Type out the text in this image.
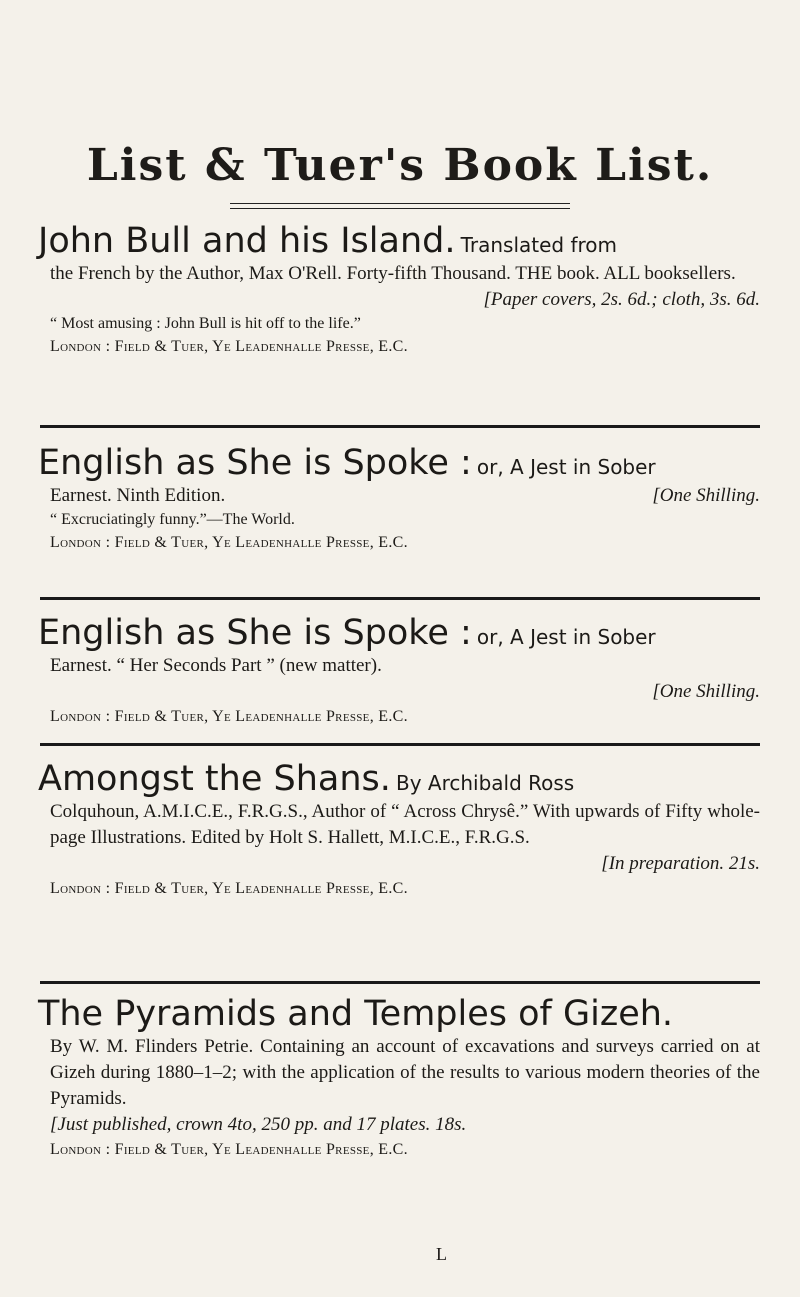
List & Tuer's Book List.
John Bull and his Island. Translated from
the French by the Author, Max O'Rell. Forty-fifth Thousand. THE book. ALL booksellers.
[Paper covers, 2s. 6d.; cloth, 3s. 6d.
“ Most amusing : John Bull is hit off to the life.”
London : Field & Tuer, Ye Leadenhalle Presse, E.C.
English as She is Spoke : or, A Jest in Sober
Earnest. Ninth Edition.	[One Shilling.
“ Excruciatingly funny.”—The World.
London : Field & Tuer, Ye Leadenhalle Presse, E.C.
English as She is Spoke : or, A Jest in Sober
Earnest. “ Her Seconds Part ” (new matter).
[One Shilling.
London : Field & Tuer, Ye Leadenhalle Presse, E.C.
Amongst the Shans. By Archibald Ross
Colquhoun, A.M.I.C.E., F.R.G.S., Author of “ Across Chrysê.” With upwards of Fifty whole-page Illustrations. Edited by Holt S. Hallett, M.I.C.E., F.R.G.S.
[In preparation. 21s.
London : Field & Tuer, Ye Leadenhalle Presse, E.C.
The Pyramids and Temples of Gizeh.
By W. M. Flinders Petrie. Containing an account of excavations and surveys carried on at Gizeh during 1880–1–2; with the application of the results to various modern theories of the Pyramids.
[Just published, crown 4to, 250 pp. and 17 plates. 18s.
London : Field & Tuer, Ye Leadenhalle Presse, E.C.
L
